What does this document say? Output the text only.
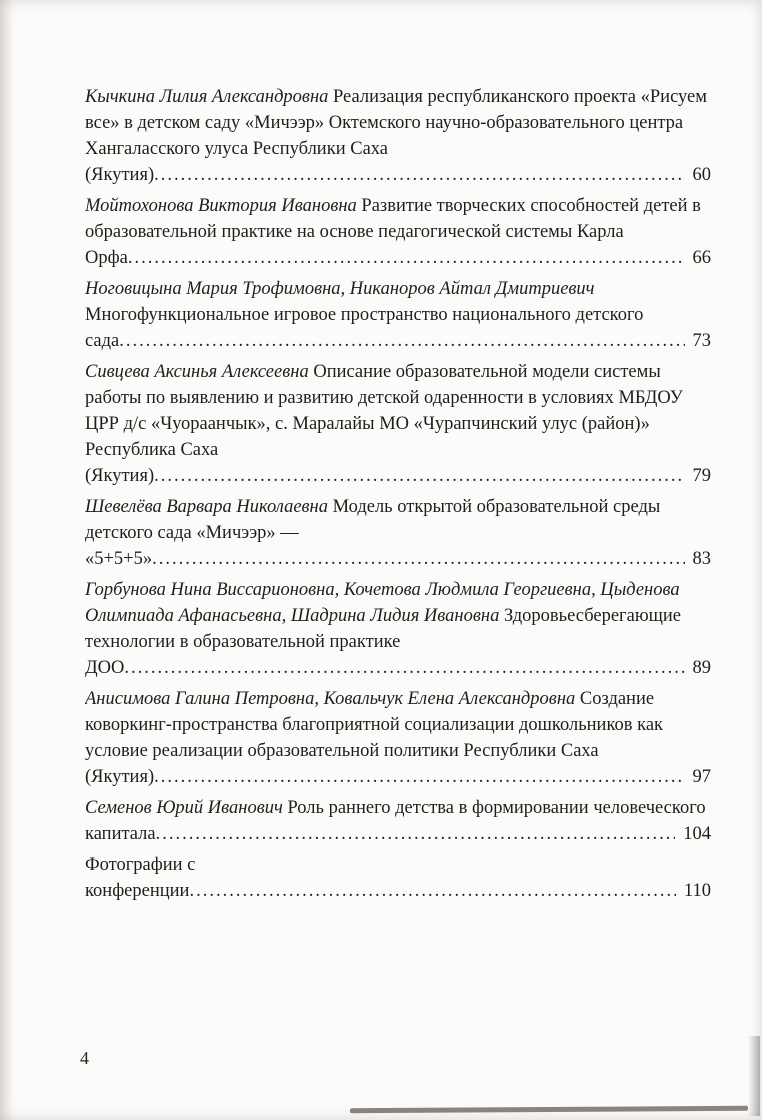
Кычкина Лилия Александровна Реализация республиканского проекта «Рисуем все» в детском саду «Мичээр» Октемского научно-образовательного центра Хангаласского улуса Республики Саха (Якутия) .....	60

Мойтохонова Виктория Ивановна Развитие творческих способностей детей в образовательной практике на основе педагогической системы Карла Орфа .....	66

Ноговицына Мария Трофимовна, Никаноров Айтал Дмитриевич Многофункциональное игровое пространство национального детского сада .....	73

Сивцева Аксинья Алексеевна Описание образовательной модели системы работы по выявлению и развитию детской одаренности в условиях МБДОУ ЦРР д/с «Чуораанчык», с. Маралайы МО «Чурапчинский улус (район)» Республика Саха (Якутия) .....	79

Шевелёва Варвара Николаевна Модель открытой образовательной среды детского сада «Мичээр» — «5+5+5» .....	83

Горбунова Нина Виссарионовна, Кочетова Людмила Георгиевна, Цыденова Олимпиада Афанасьевна, Шадрина Лидия Ивановна Здоровьесберегающие технологии в образовательной практике ДОО .....	89

Анисимова Галина Петровна, Ковальчук Елена Александровна Создание коворкинг-пространства благоприятной социализации дошкольников как условие реализации образовательной политики Республики Саха (Якутия) .....	97

Семенов Юрий Иванович Роль раннего детства в формировании человеческого капитала .....	104

Фотографии с конференции .....	110
4
